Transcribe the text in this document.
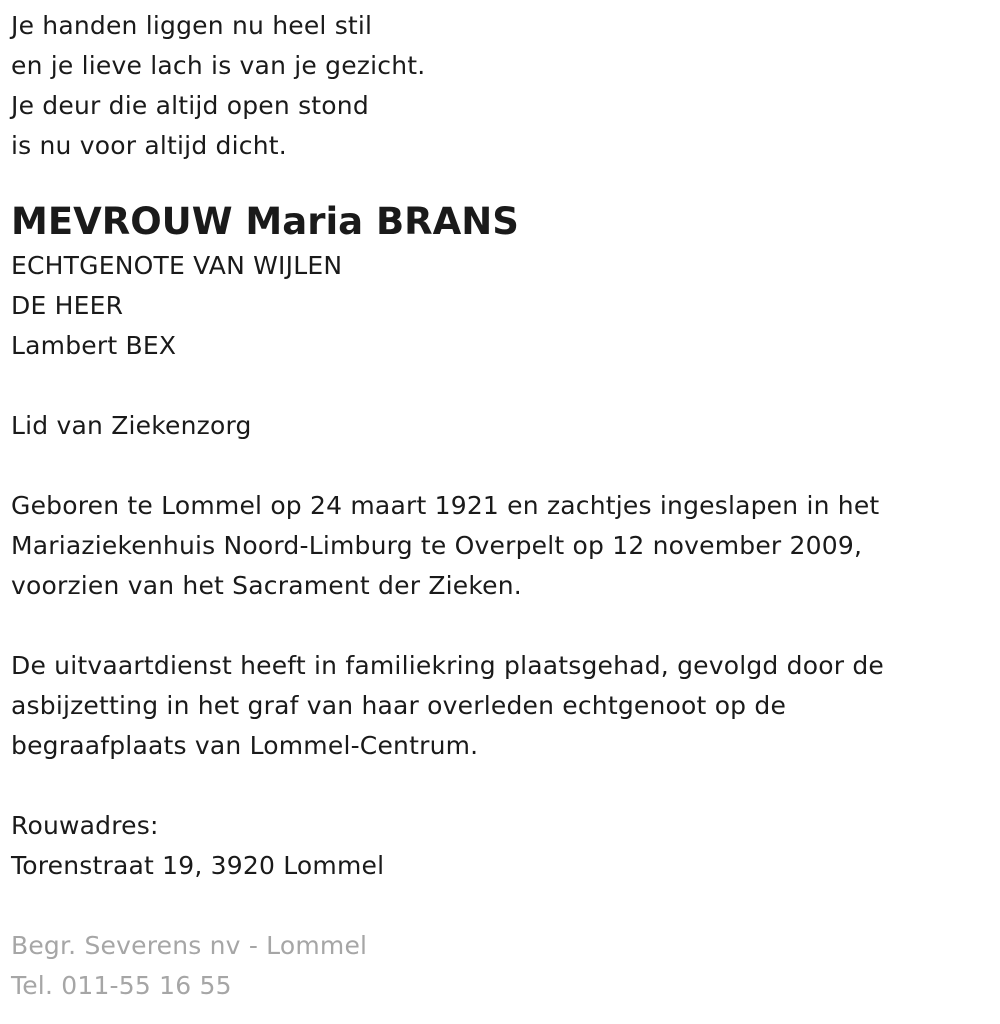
Je handen liggen nu heel stil
en je lieve lach is van je gezicht.
Je deur die altijd open stond
is nu voor altijd dicht.
MEVROUW Maria BRANS
ECHTGENOTE VAN WIJLEN
DE HEER
Lambert BEX
Lid van Ziekenzorg
Geboren te Lommel op 24 maart 1921 en zachtjes ingeslapen in het
Mariaziekenhuis Noord-Limburg te Overpelt op 12 november 2009,
voorzien van het Sacrament der Zieken.
De uitvaartdienst heeft in familiekring plaatsgehad, gevolgd door de
asbijzetting in het graf van haar overleden echtgenoot op de
begraafplaats van Lommel-Centrum.
Rouwadres:
Torenstraat 19, 3920 Lommel
Begr. Severens nv - Lommel
Tel. 011-55 16 55
